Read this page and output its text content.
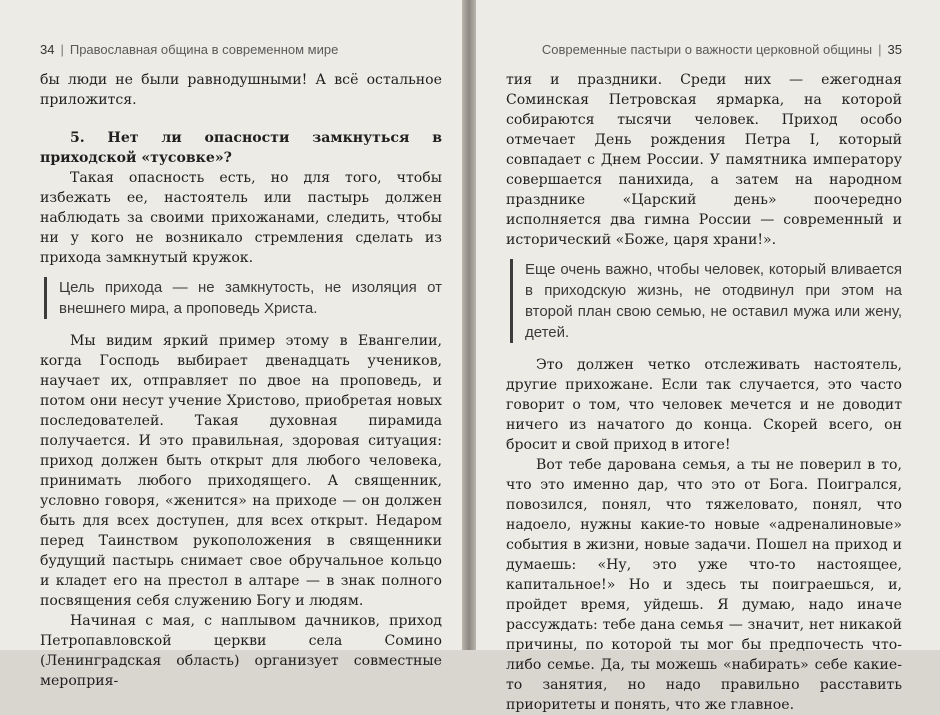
34 | Православная община в современном мире

бы люди не были равнодушными! А всё остальное приложится.

5. Нет ли опасности замкнуться в приходской «тусовке»?

Такая опасность есть, но для того, чтобы избежать ее, настоятель или пастырь должен наблюдать за своими прихожанами, следить, чтобы ни у кого не возникало стремления сделать из прихода замкнутый кружок.

Цель прихода — не замкнутость, не изоляция от внешнего мира, а проповедь Христа.

Мы видим яркий пример этому в Евангелии, когда Господь выбирает двенадцать учеников, научает их, отправляет по двое на проповедь, и потом они несут учение Христово, приобретая новых последователей. Такая духовная пирамида получается. И это правильная, здоровая ситуация: приход должен быть открыт для любого человека, принимать любого приходящего. А священник, условно говоря, «женится» на приходе — он должен быть для всех доступен, для всех открыт. Недаром перед Таинством рукоположения в священники будущий пастырь снимает свое обручальное кольцо и кладет его на престол в алтаре — в знак полного посвящения себя служению Богу и людям.

Начиная с мая, с наплывом дачников, приход Петропавловской церкви села Сомино (Ленинградская область) организует совместные мероприя-

Современные пастыри о важности церковной общины | 35

тия и праздники. Среди них — ежегодная Соминская Петровская ярмарка, на которой собираются тысячи человек. Приход особо отмечает День рождения Петра I, который совпадает с Днем России. У памятника императору совершается панихида, а затем на народном празднике «Царский день» поочередно исполняется два гимна России — современный и исторический «Боже, царя храни!».

Еще очень важно, чтобы человек, который вливается в приходскую жизнь, не отодвинул при этом на второй план свою семью, не оставил мужа или жену, детей.

Это должен четко отслеживать настоятель, другие прихожане. Если так случается, это часто говорит о том, что человек мечется и не доводит ничего из начатого до конца. Скорей всего, он бросит и свой приход в итоге!

Вот тебе дарована семья, а ты не поверил в то, что это именно дар, что это от Бога. Поигрался, повозился, понял, что тяжеловато, понял, что надоело, нужны какие-то новые «адреналиновые» события в жизни, новые задачи. Пошел на приход и думаешь: «Ну, это уже что-то настоящее, капитальное!» Но и здесь ты поиграешься, и, пройдет время, уйдешь. Я думаю, надо иначе рассуждать: тебе дана семья — значит, нет никакой причины, по которой ты мог бы предпочесть что-либо семье. Да, ты можешь «набирать» себе какие-то занятия, но надо правильно расставить приоритеты и понять, что же главное.
